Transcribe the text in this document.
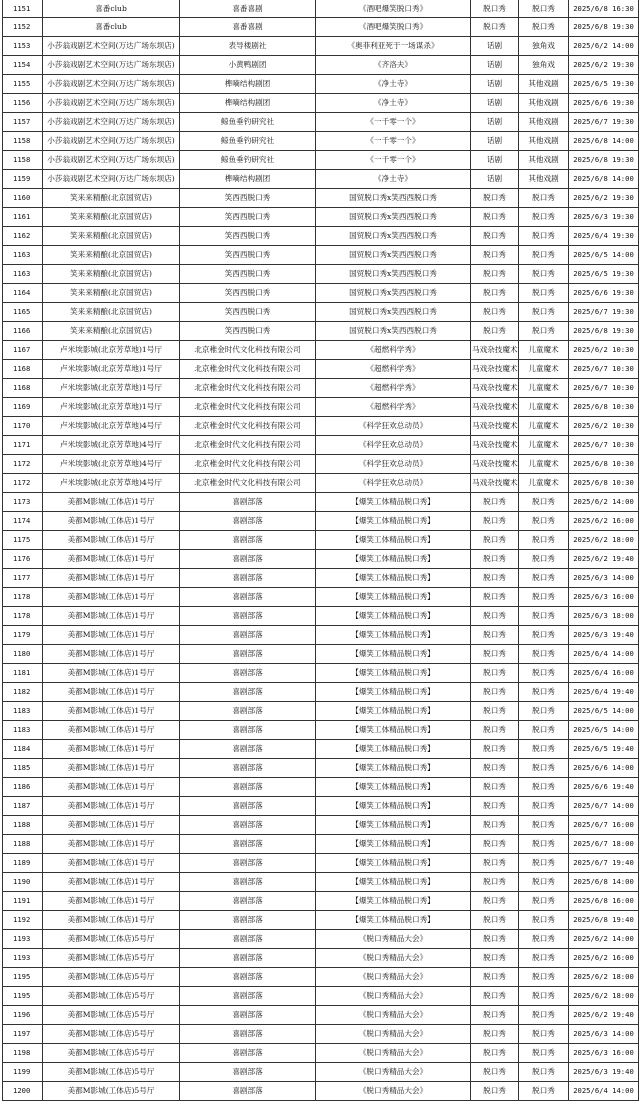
1151	喜番club	喜番喜剧	《酒吧爆笑脱口秀》	脱口秀	脱口秀	2025/6/8 16:30
1152	喜番club	喜番喜剧	《酒吧爆笑脱口秀》	脱口秀	脱口秀	2025/6/8 19:30
1153	小莎翁戏剧艺术空间(万达广场东坝店)	表导楼剧社	《奥菲利亚死于一场谋杀》	话剧	独角戏	2025/6/2 14:00
1154	小莎翁戏剧艺术空间(万达广场东坝店)	小黄鸭剧团	《齐洛夫》	话剧	独角戏	2025/6/2 19:30
1155	小莎翁戏剧艺术空间(万达广场东坝店)	榫嘀结构剧团	《净土寺》	话剧	其他戏剧	2025/6/5 19:30
1156	小莎翁戏剧艺术空间(万达广场东坝店)	榫嘀结构剧团	《净土寺》	话剧	其他戏剧	2025/6/6 19:30
1157	小莎翁戏剧艺术空间(万达广场东坝店)	鲸鱼垂钓研究社	《一千零一个》	话剧	其他戏剧	2025/6/7 19:30
1158	小莎翁戏剧艺术空间(万达广场东坝店)	鲸鱼垂钓研究社	《一千零一个》	话剧	其他戏剧	2025/6/8 14:00
1158	小莎翁戏剧艺术空间(万达广场东坝店)	鲸鱼垂钓研究社	《一千零一个》	话剧	其他戏剧	2025/6/8 19:30
1159	小莎翁戏剧艺术空间(万达广场东坝店)	榫嘀结构剧团	《净土寺》	话剧	其他戏剧	2025/6/8 14:00
1160	笑来来精酿(北京国贸店)	笑西西脱口秀	国贸脱口秀x笑西西脱口秀	脱口秀	脱口秀	2025/6/2 19:30
1161	笑来来精酿(北京国贸店)	笑西西脱口秀	国贸脱口秀x笑西西脱口秀	脱口秀	脱口秀	2025/6/3 19:30
1162	笑来来精酿(北京国贸店)	笑西西脱口秀	国贸脱口秀x笑西西脱口秀	脱口秀	脱口秀	2025/6/4 19:30
1163	笑来来精酿(北京国贸店)	笑西西脱口秀	国贸脱口秀x笑西西脱口秀	脱口秀	脱口秀	2025/6/5 14:00
1163	笑来来精酿(北京国贸店)	笑西西脱口秀	国贸脱口秀x笑西西脱口秀	脱口秀	脱口秀	2025/6/5 19:30
1164	笑来来精酿(北京国贸店)	笑西西脱口秀	国贸脱口秀x笑西西脱口秀	脱口秀	脱口秀	2025/6/6 19:30
1165	笑来来精酿(北京国贸店)	笑西西脱口秀	国贸脱口秀x笑西西脱口秀	脱口秀	脱口秀	2025/6/7 19:30
1166	笑来来精酿(北京国贸店)	笑西西脱口秀	国贸脱口秀x笑西西脱口秀	脱口秀	脱口秀	2025/6/8 19:30
1167	卢米埃影城(北京芳草地)1号厅	北京稚金时代文化科技有限公司	《超燃科学秀》	马戏杂技魔术	儿童魔术	2025/6/2 10:30
1168	卢米埃影城(北京芳草地)1号厅	北京稚金时代文化科技有限公司	《超燃科学秀》	马戏杂技魔术	儿童魔术	2025/6/7 10:30
1168	卢米埃影城(北京芳草地)1号厅	北京稚金时代文化科技有限公司	《超燃科学秀》	马戏杂技魔术	儿童魔术	2025/6/7 10:30
1169	卢米埃影城(北京芳草地)1号厅	北京稚金时代文化科技有限公司	《超燃科学秀》	马戏杂技魔术	儿童魔术	2025/6/8 10:30
1170	卢米埃影城(北京芳草地)4号厅	北京稚金时代文化科技有限公司	《科学狂欢总动员》	马戏杂技魔术	儿童魔术	2025/6/2 10:30
1171	卢米埃影城(北京芳草地)4号厅	北京稚金时代文化科技有限公司	《科学狂欢总动员》	马戏杂技魔术	儿童魔术	2025/6/7 10:30
1172	卢米埃影城(北京芳草地)4号厅	北京稚金时代文化科技有限公司	《科学狂欢总动员》	马戏杂技魔术	儿童魔术	2025/6/8 10:30
1172	卢米埃影城(北京芳草地)4号厅	北京稚金时代文化科技有限公司	《科学狂欢总动员》	马戏杂技魔术	儿童魔术	2025/6/8 10:30
1173	美都M影城(工体店)1号厅	喜剧部落	【爆笑工体精品脱口秀】	脱口秀	脱口秀	2025/6/2 14:00
1174	美都M影城(工体店)1号厅	喜剧部落	【爆笑工体精品脱口秀】	脱口秀	脱口秀	2025/6/2 16:00
1175	美都M影城(工体店)1号厅	喜剧部落	【爆笑工体精品脱口秀】	脱口秀	脱口秀	2025/6/2 18:00
1176	美都M影城(工体店)1号厅	喜剧部落	【爆笑工体精品脱口秀】	脱口秀	脱口秀	2025/6/2 19:40
1177	美都M影城(工体店)1号厅	喜剧部落	【爆笑工体精品脱口秀】	脱口秀	脱口秀	2025/6/3 14:00
1178	美都M影城(工体店)1号厅	喜剧部落	【爆笑工体精品脱口秀】	脱口秀	脱口秀	2025/6/3 16:00
1178	美都M影城(工体店)1号厅	喜剧部落	【爆笑工体精品脱口秀】	脱口秀	脱口秀	2025/6/3 18:00
1179	美都M影城(工体店)1号厅	喜剧部落	【爆笑工体精品脱口秀】	脱口秀	脱口秀	2025/6/3 19:40
1180	美都M影城(工体店)1号厅	喜剧部落	【爆笑工体精品脱口秀】	脱口秀	脱口秀	2025/6/4 14:00
1181	美都M影城(工体店)1号厅	喜剧部落	【爆笑工体精品脱口秀】	脱口秀	脱口秀	2025/6/4 16:00
1182	美都M影城(工体店)1号厅	喜剧部落	【爆笑工体精品脱口秀】	脱口秀	脱口秀	2025/6/4 19:40
1183	美都M影城(工体店)1号厅	喜剧部落	【爆笑工体精品脱口秀】	脱口秀	脱口秀	2025/6/5 14:00
1183	美都M影城(工体店)1号厅	喜剧部落	【爆笑工体精品脱口秀】	脱口秀	脱口秀	2025/6/5 14:00
1184	美都M影城(工体店)1号厅	喜剧部落	【爆笑工体精品脱口秀】	脱口秀	脱口秀	2025/6/5 19:40
1185	美都M影城(工体店)1号厅	喜剧部落	【爆笑工体精品脱口秀】	脱口秀	脱口秀	2025/6/6 14:00
1186	美都M影城(工体店)1号厅	喜剧部落	【爆笑工体精品脱口秀】	脱口秀	脱口秀	2025/6/6 19:40
1187	美都M影城(工体店)1号厅	喜剧部落	【爆笑工体精品脱口秀】	脱口秀	脱口秀	2025/6/7 14:00
1188	美都M影城(工体店)1号厅	喜剧部落	【爆笑工体精品脱口秀】	脱口秀	脱口秀	2025/6/7 16:00
1188	美都M影城(工体店)1号厅	喜剧部落	【爆笑工体精品脱口秀】	脱口秀	脱口秀	2025/6/7 18:00
1189	美都M影城(工体店)1号厅	喜剧部落	【爆笑工体精品脱口秀】	脱口秀	脱口秀	2025/6/7 19:40
1190	美都M影城(工体店)1号厅	喜剧部落	【爆笑工体精品脱口秀】	脱口秀	脱口秀	2025/6/8 14:00
1191	美都M影城(工体店)1号厅	喜剧部落	【爆笑工体精品脱口秀】	脱口秀	脱口秀	2025/6/8 16:00
1192	美都M影城(工体店)1号厅	喜剧部落	【爆笑工体精品脱口秀】	脱口秀	脱口秀	2025/6/8 19:40
1193	美都M影城(工体店)5号厅	喜剧部落	《脱口秀精品大会》	脱口秀	脱口秀	2025/6/2 14:00
1193	美都M影城(工体店)5号厅	喜剧部落	《脱口秀精品大会》	脱口秀	脱口秀	2025/6/2 16:00
1195	美都M影城(工体店)5号厅	喜剧部落	《脱口秀精品大会》	脱口秀	脱口秀	2025/6/2 18:00
1195	美都M影城(工体店)5号厅	喜剧部落	《脱口秀精品大会》	脱口秀	脱口秀	2025/6/2 18:00
1196	美都M影城(工体店)5号厅	喜剧部落	《脱口秀精品大会》	脱口秀	脱口秀	2025/6/2 19:40
1197	美都M影城(工体店)5号厅	喜剧部落	《脱口秀精品大会》	脱口秀	脱口秀	2025/6/3 14:00
1198	美都M影城(工体店)5号厅	喜剧部落	《脱口秀精品大会》	脱口秀	脱口秀	2025/6/3 16:00
1199	美都M影城(工体店)5号厅	喜剧部落	《脱口秀精品大会》	脱口秀	脱口秀	2025/6/3 19:40
1200	美都M影城(工体店)5号厅	喜剧部落	《脱口秀精品大会》	脱口秀	脱口秀	2025/6/4 14:00
